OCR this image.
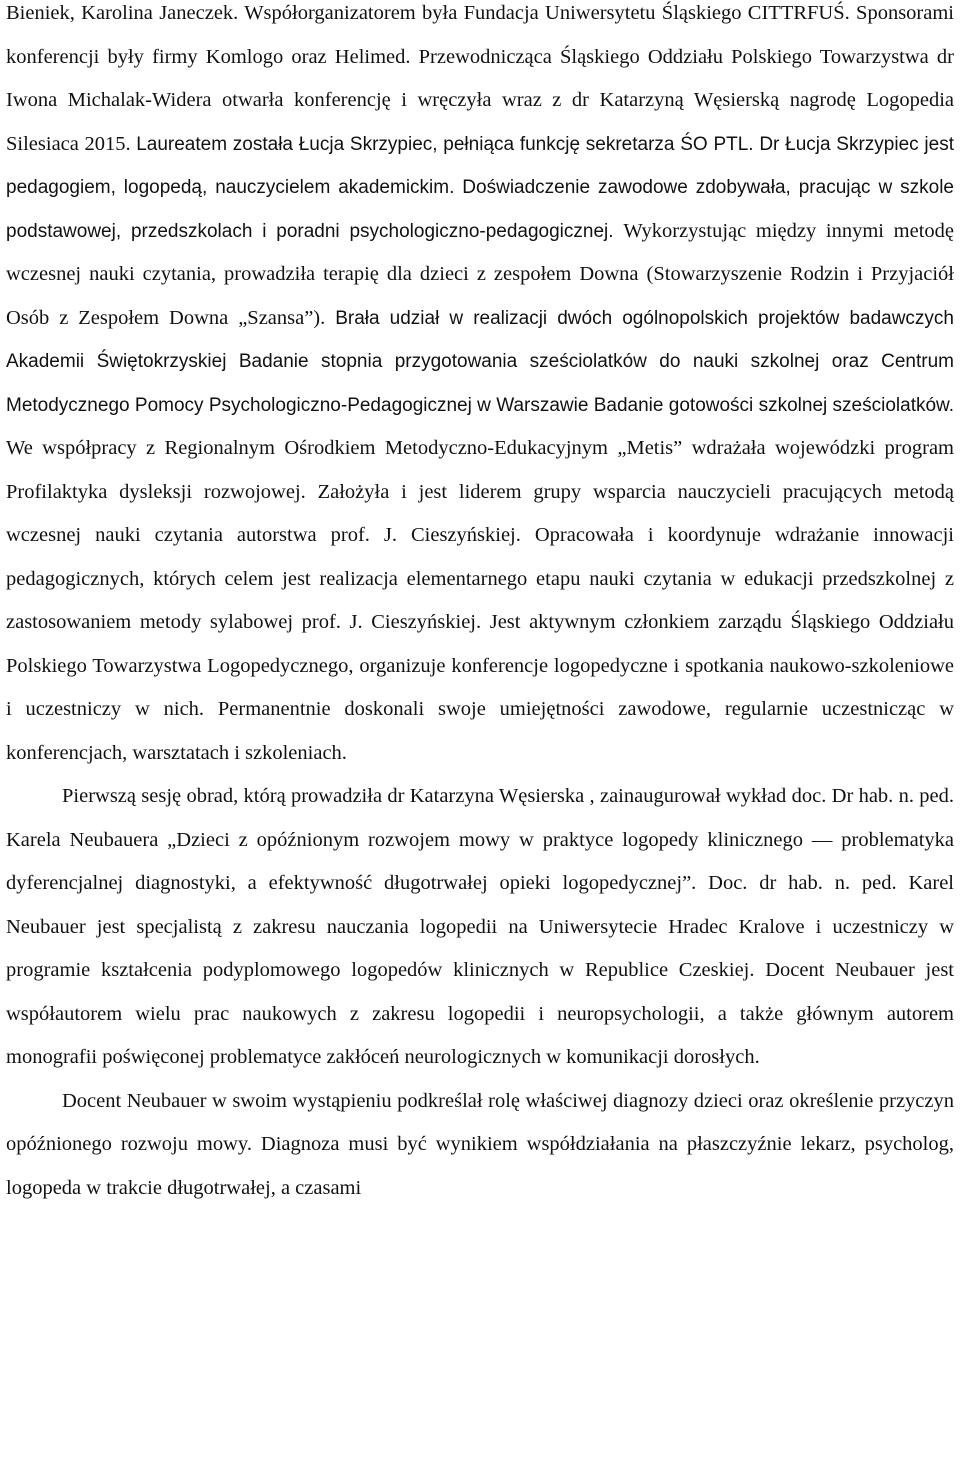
Bieniek, Karolina Janeczek. Współorganizatorem była Fundacja Uniwersytetu Śląskiego CITTRFUŚ. Sponsorami konferencji były firmy Komlogo oraz Helimed. Przewodnicząca Śląskiego Oddziału Polskiego Towarzystwa dr Iwona Michalak-Widera otwarła konferencję i wręczyła wraz z dr Katarzyną Węsierską nagrodę Logopedia Silesiaca 2015. Laureatem została Łucja Skrzypiec, pełniąca funkcję sekretarza ŚO PTL. Dr Łucja Skrzypiec jest pedagogiem, logopedą, nauczycielem akademickim. Doświadczenie zawodowe zdobywała, pracując w szkole podstawowej, przedszkolach i poradni psychologiczno-pedagogicznej. Wykorzystując między innymi metodę wczesnej nauki czytania, prowadziła terapię dla dzieci z zespołem Downa (Stowarzyszenie Rodzin i Przyjaciół Osób z Zespołem Downa „Szansa”). Brała udział w realizacji dwóch ogólnopolskich projektów badawczych Akademii Świętokrzyskiej Badanie stopnia przygotowania sześciolatków do nauki szkolnej oraz Centrum Metodycznego Pomocy Psychologiczno-Pedagogicznej w Warszawie Badanie gotowości szkolnej sześciolatków. We współpracy z Regionalnym Ośrodkiem Metodyczno-Edukacyjnym „Metis” wdrażała wojewódzki program Profilaktyka dysleksji rozwojowej. Założyła i jest liderem grupy wsparcia nauczycieli pracujących metodą wczesnej nauki czytania autorstwa prof. J. Cieszyńskiej. Opracowała i koordynuje wdrażanie innowacji pedagogicznych, których celem jest realizacja elementarnego etapu nauki czytania w edukacji przedszkolnej z zastosowaniem metody sylabowej prof. J. Cieszyńskiej. Jest aktywnym członkiem zarządu Śląskiego Oddziału Polskiego Towarzystwa Logopedycznego, organizuje konferencje logopedyczne i spotkania naukowo-szkoleniowe i uczestniczy w nich. Permanentnie doskonali swoje umiejętności zawodowe, regularnie uczestnicząc w konferencjach, warsztatach i szkoleniach.

Pierwszą sesję obrad, którą prowadziła dr Katarzyna Węsierska , zainaugurował wykład doc. Dr hab. n. ped. Karela Neubauera „Dzieci z opóźnionym rozwojem mowy w praktyce logopedy klinicznego — problematyka dyferencjalnej diagnostyki, a efektywność długotrwałej opieki logopedycznej”. Doc. dr hab. n. ped. Karel Neubauer jest specjalistą z zakresu nauczania logopedii na Uniwersytecie Hradec Kralove i uczestniczy w programie kształcenia podyplomowego logopedów klinicznych w Republice Czeskiej. Docent Neubauer jest współautorem wielu prac naukowych z zakresu logopedii i neuropsychologii, a także głównym autorem monografii poświęconej problematyce zakłóceń neurologicznych w komunikacji dorosłych.

Docent Neubauer w swoim wystąpieniu podkreślał rolę właściwej diagnozy dzieci oraz określenie przyczyn opóźnionego rozwoju mowy. Diagnoza musi być wynikiem współdziałania na płaszczyźnie lekarz, psycholog, logopeda w trakcie długotrwałej, a czasami
